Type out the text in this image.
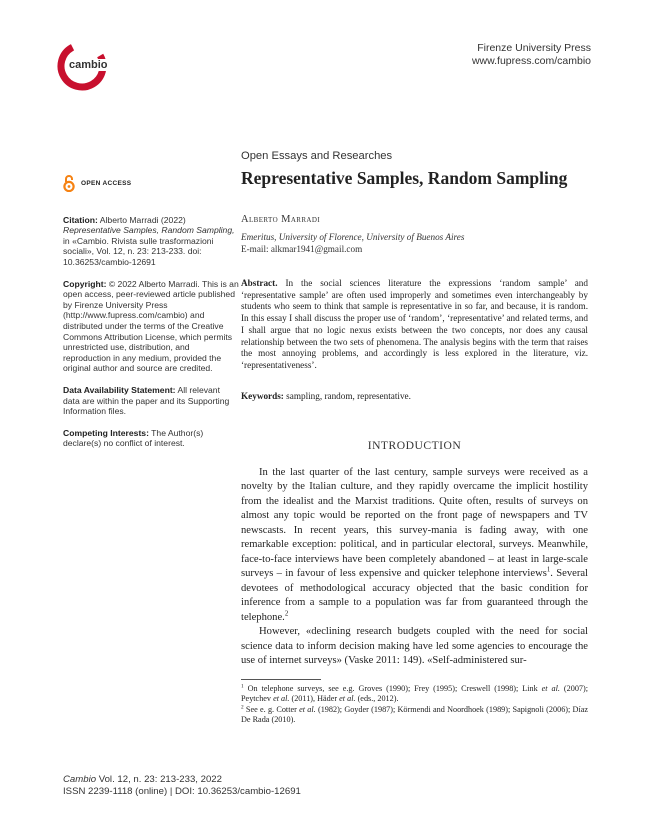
cambio
Firenze University Press
www.fupress.com/cambio
OPEN ACCESS

Citation: Alberto Marradi (2022) Representative Samples, Random Sampling, in «Cambio. Rivista sulle trasformazioni sociali», Vol. 12, n. 23: 213-233. doi: 10.36253/cambio-12691

Copyright: © 2022 Alberto Marradi. This is an open access, peer-reviewed article published by Firenze University Press (http://www.fupress.com/cambio) and distributed under the terms of the Creative Commons Attribution License, which permits unrestricted use, distribution, and reproduction in any medium, provided the original author and source are credited.

Data Availability Statement: All relevant data are within the paper and its Supporting Information files.

Competing Interests: The Author(s) declare(s) no conflict of interest.

Open Essays and Researches
Representative Samples, Random Sampling
Alberto Marradi
Emeritus, University of Florence, University of Buenos Aires
E-mail: alkmar1941@gmail.com
Abstract. In the social sciences literature the expressions ‘random sample’ and ‘representative sample’ are often used improperly and sometimes even interchangeably by students who seem to think that sample is representative in so far, and because, it is random. In this essay I shall discuss the proper use of ‘random’, ‘representative’ and related terms, and I shall argue that no logic nexus exists between the two concepts, nor does any causal relationship between the two sets of phenomena. The analysis begins with the term that raises the most annoying problems, and accordingly is less explored in the literature, viz. ‘representativeness’.
Keywords: sampling, random, representative.
INTRODUCTION

In the last quarter of the last century, sample surveys were received as a novelty by the Italian culture, and they rapidly overcame the implicit hostility from the idealist and the Marxist traditions. Quite often, results of surveys on almost any topic would be reported on the front page of newspapers and TV newscasts. In recent years, this survey-mania is fading away, with one remarkable exception: political, and in particular electoral, surveys. Meanwhile, face-to-face interviews have been completely abandoned – at least in large-scale surveys – in favour of less expensive and quicker telephone interviews$^1$. Several devotees of methodological accuracy objected that the basic condition for inference from a sample to a population was far from guaranteed through the telephone.$^2$

However, «declining research budgets coupled with the need for social science data to inform decision making have led some agencies to encourage the use of internet surveys» (Vaske 2011: 149). «Self-administered sur-

$^1$ On telephone surveys, see e.g. Groves (1990); Frey (1995); Creswell (1998); Link et al. (2007); Peytchev et al. (2011), Häder et al. (eds., 2012).

$^2$ See e. g. Cotter et al. (1982); Goyder (1987); Körmendi and Noordhoek (1989); Sapignoli (2006); Díaz De Rada (2010).

Cambio Vol. 12, n. 23: 213-233, 2022
ISSN 2239-1118 (online) | DOI: 10.36253/cambio-12691
